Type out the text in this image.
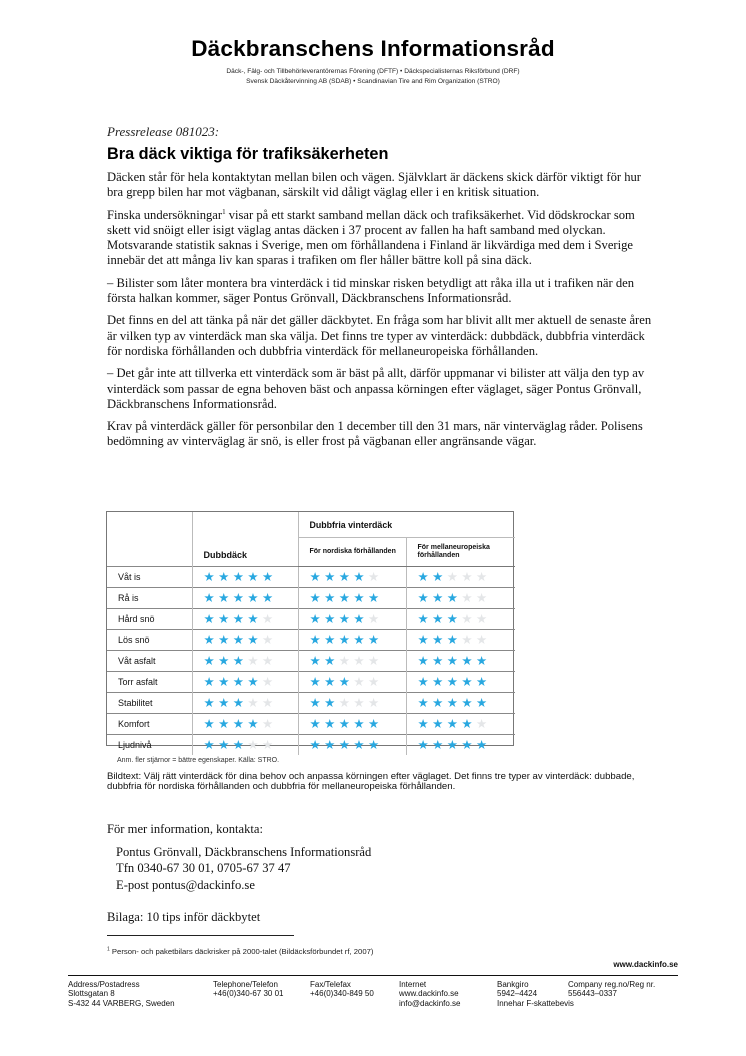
Däckbranschens Informationsråd
Däck-, Fälg- och Tillbehörleverantörernas Förening (DFTF) • Däckspecialisternas Riksförbund (DRF)
Svensk Däckåtervinning AB (SDAB) • Scandinavian Tire and Rim Organization (STRO)

Pressrelease 081023:

Bra däck viktiga för trafiksäkerheten

Däcken står för hela kontaktytan mellan bilen och vägen. Självklart är däckens skick därför viktigt för hur bra grepp bilen har mot vägbanan, särskilt vid dåligt väglag eller i en kritisk situation.

Finska undersökningar$^1$ visar på ett starkt samband mellan däck och trafiksäkerhet. Vid dödskrockar som skett vid snöigt eller isigt väglag antas däcken i 37 procent av fallen ha haft samband med olyckan. Motsvarande statistik saknas i Sverige, men om förhållandena i Finland är likvärdiga med dem i Sverige innebär det att många liv kan sparas i trafiken om fler håller bättre koll på sina däck.

– Bilister som låter montera bra vinterdäck i tid minskar risken betydligt att råka illa ut i trafiken när den första halkan kommer, säger Pontus Grönvall, Däckbranschens Informationsråd.

Det finns en del att tänka på när det gäller däckbytet. En fråga som har blivit allt mer aktuell de senaste åren är vilken typ av vinterdäck man ska välja. Det finns tre typer av vinterdäck: dubbdäck, dubbfria vinterdäck för nordiska förhållanden och dubbfria vinterdäck för mellaneuropeiska förhållanden.

– Det går inte att tillverka ett vinterdäck som är bäst på allt, därför uppmanar vi bilister att välja den typ av vinterdäck som passar de egna behoven bäst och anpassa körningen efter väglaget, säger Pontus Grönvall, Däckbranschens Informationsråd.

Krav på vinterdäck gäller för personbilar den 1 december till den 31 mars, när vinterväglag råder. Polisens bedömning av vinterväglag är snö, is eller frost på vägbanan eller angränsande vägar.

	Dubbdäck	Dubbfria vinterdäck	
		För nordiska förhållanden	För mellaneuropeiska förhållanden
Våt is	★★★★★	★★★★★	★★★★★
Rå is	★★★★★	★★★★★	★★★★★
Hård snö	★★★★★	★★★★★	★★★★★
Lös snö	★★★★★	★★★★★	★★★★★
Våt asfalt	★★★★★	★★★★★	★★★★★
Torr asfalt	★★★★★	★★★★★	★★★★★
Stabilitet	★★★★★	★★★★★	★★★★★
Komfort	★★★★★	★★★★★	★★★★★
Ljudnivå	★★★★★	★★★★★	★★★★★
Anm. fler stjärnor = bättre egenskaper. Källa: STRO.
Bildtext: Välj rätt vinterdäck för dina behov och anpassa körningen efter väglaget. Det finns tre typer av vinterdäck: dubbade, dubbfria för nordiska förhållanden och dubbfria för mellaneuropeiska förhållanden.
För mer information, kontakta:
Pontus Grönvall, Däckbranschens Informationsråd
Tfn 0340-67 30 01, 0705-67 37 47
E-post pontus@dackinfo.se
Bilaga: 10 tips inför däckbytet
$^1$ Person- och paketbilars däckrisker på 2000-talet (Bildäcksförbundet rf, 2007)
www.dackinfo.se
Address/Postadress
Slottsgatan 8
S-432 44 VARBERG, Sweden
Telephone/Telefon
+46(0)340-67 30 01
Fax/Telefax
+46(0)340-849 50
Internet
www.dackinfo.se
info@dackinfo.se
Bankgiro
5942–4424
Innehar F-skattebevis
Company reg.no/Reg nr.
556443–0337
